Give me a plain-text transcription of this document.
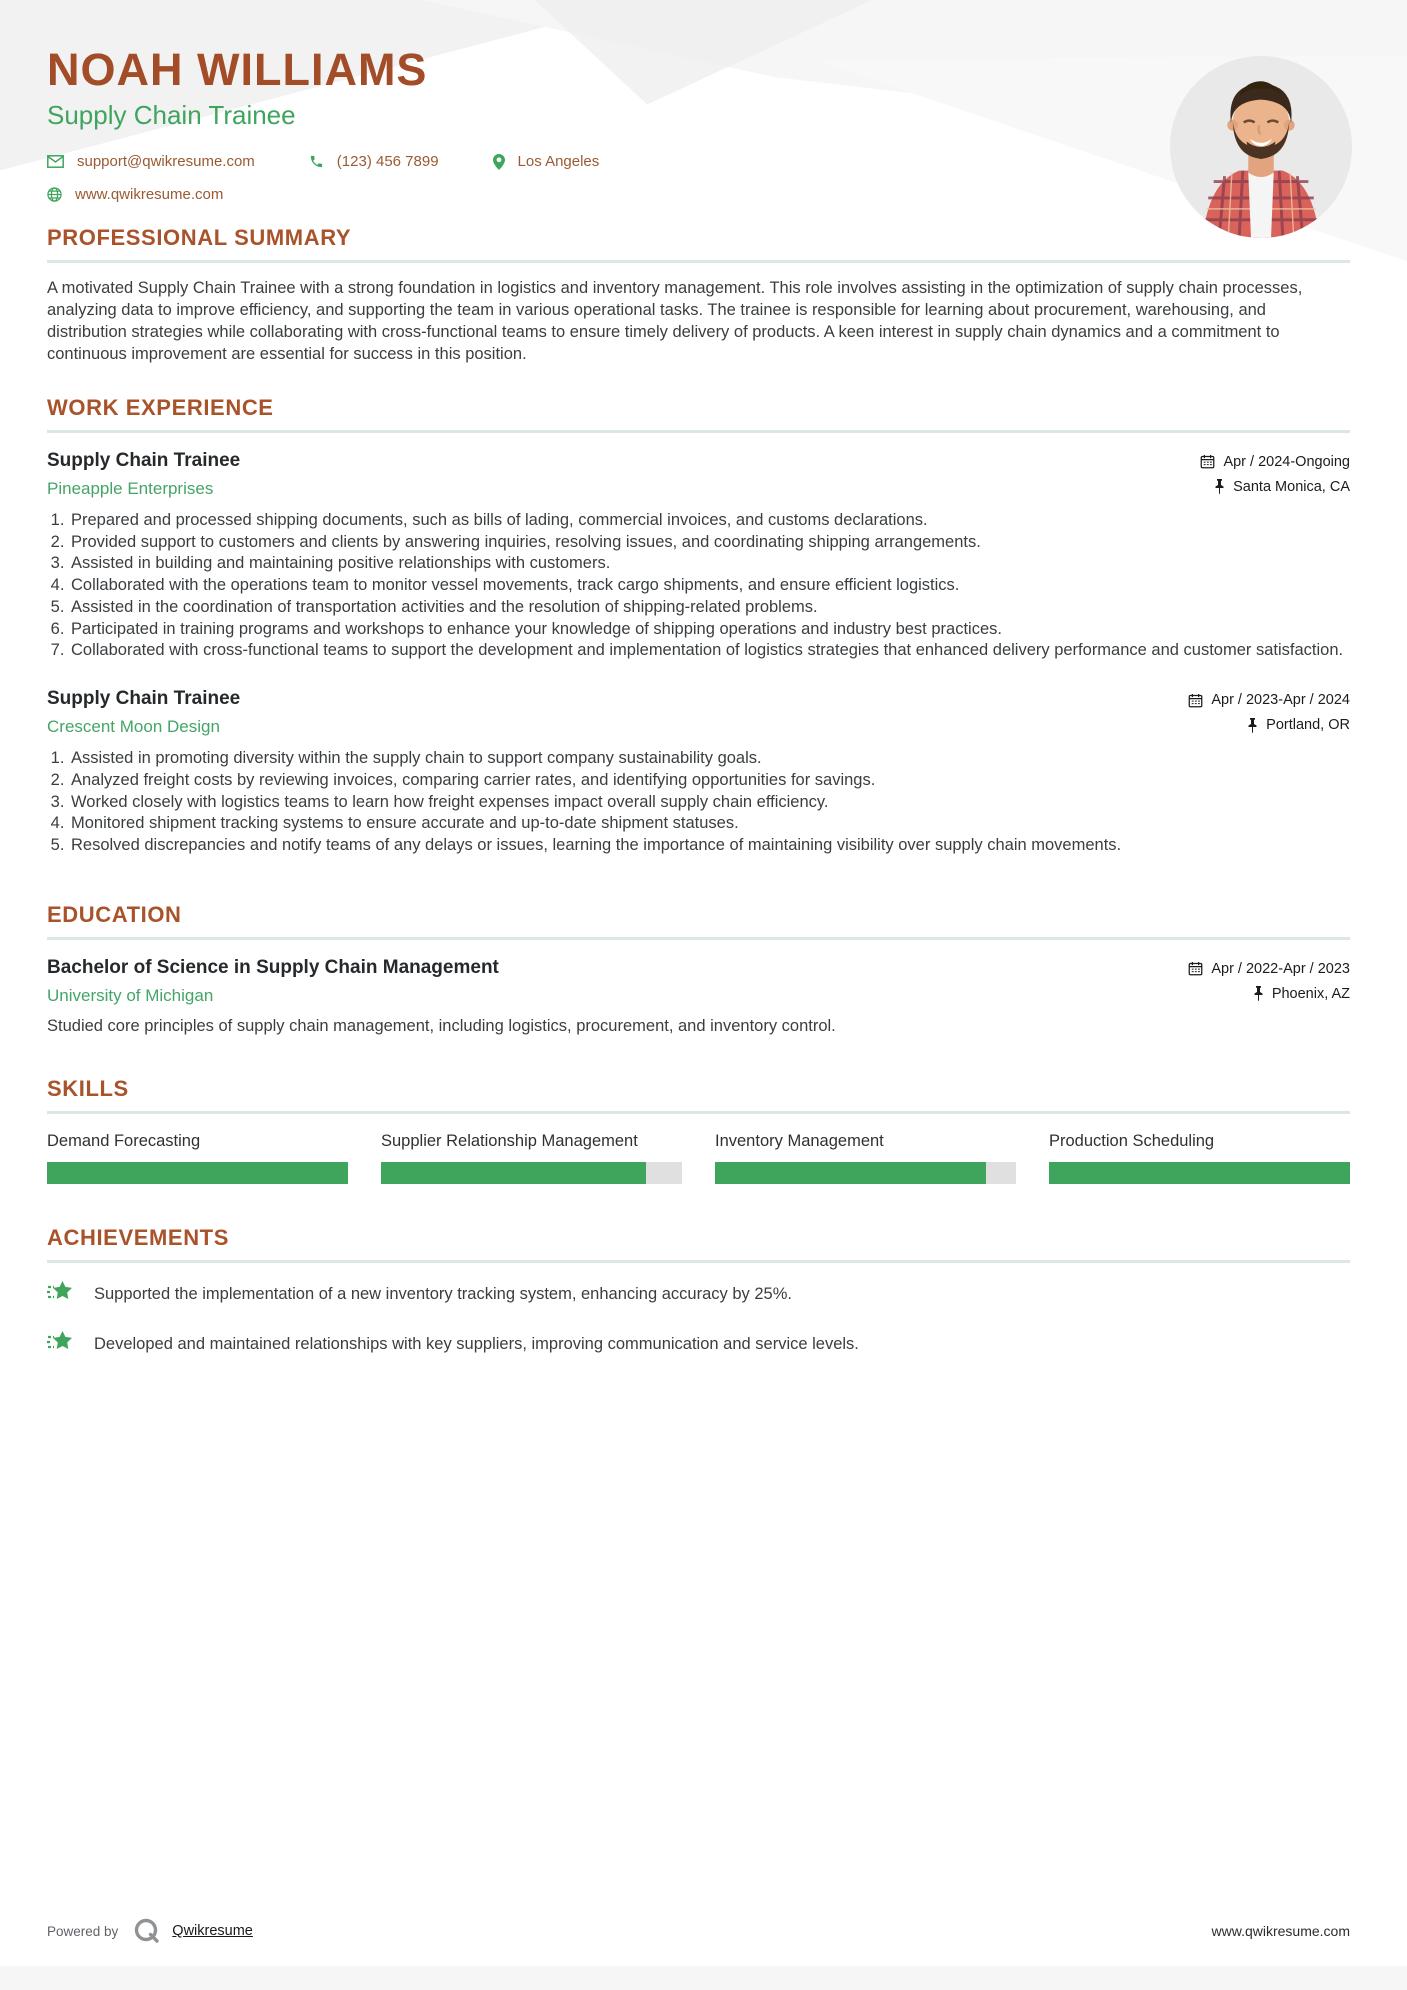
NOAH WILLIAMS
Supply Chain Trainee
support@qwikresume.com	(123) 456 7899	Los Angeles
www.qwikresume.com
PROFESSIONAL SUMMARY
A motivated Supply Chain Trainee with a strong foundation in logistics and inventory management. This role involves assisting in the optimization of supply chain processes, analyzing data to improve efficiency, and supporting the team in various operational tasks. The trainee is responsible for learning about procurement, warehousing, and distribution strategies while collaborating with cross-functional teams to ensure timely delivery of products. A keen interest in supply chain dynamics and a commitment to continuous improvement are essential for success in this position.
WORK EXPERIENCE
Supply Chain Trainee
Pineapple Enterprises
Apr / 2024-Ongoing
Santa Monica, CA
1. Prepared and processed shipping documents, such as bills of lading, commercial invoices, and customs declarations.
2. Provided support to customers and clients by answering inquiries, resolving issues, and coordinating shipping arrangements.
3. Assisted in building and maintaining positive relationships with customers.
4. Collaborated with the operations team to monitor vessel movements, track cargo shipments, and ensure efficient logistics.
5. Assisted in the coordination of transportation activities and the resolution of shipping-related problems.
6. Participated in training programs and workshops to enhance your knowledge of shipping operations and industry best practices.
7. Collaborated with cross-functional teams to support the development and implementation of logistics strategies that enhanced delivery performance and customer satisfaction.
Supply Chain Trainee
Crescent Moon Design
Apr / 2023-Apr / 2024
Portland, OR
1. Assisted in promoting diversity within the supply chain to support company sustainability goals.
2. Analyzed freight costs by reviewing invoices, comparing carrier rates, and identifying opportunities for savings.
3. Worked closely with logistics teams to learn how freight expenses impact overall supply chain efficiency.
4. Monitored shipment tracking systems to ensure accurate and up-to-date shipment statuses.
5. Resolved discrepancies and notify teams of any delays or issues, learning the importance of maintaining visibility over supply chain movements.
EDUCATION
Bachelor of Science in Supply Chain Management
University of Michigan
Apr / 2022-Apr / 2023
Phoenix, AZ
Studied core principles of supply chain management, including logistics, procurement, and inventory control.
SKILLS
Demand Forecasting	Supplier Relationship Management	Inventory Management	Production Scheduling
ACHIEVEMENTS
Supported the implementation of a new inventory tracking system, enhancing accuracy by 25%.
Developed and maintained relationships with key suppliers, improving communication and service levels.
Powered by	Qwikresume	www.qwikresume.com
